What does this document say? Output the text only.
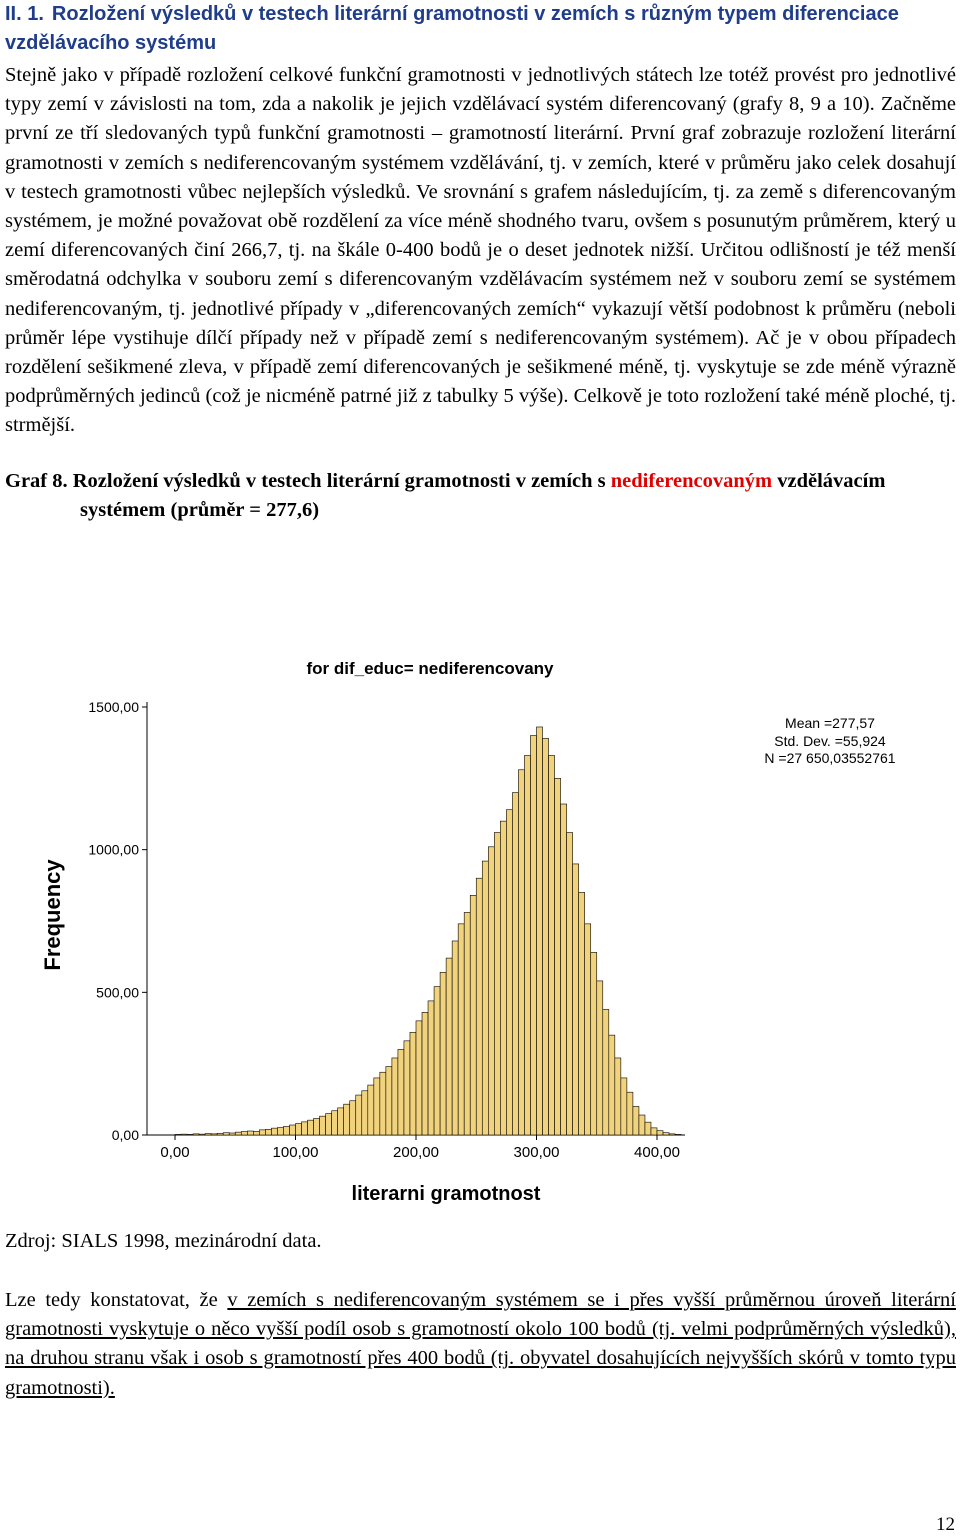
II. 1. Rozložení výsledků v testech literární gramotnosti v zemích s různým typem diferenciace vzdělávacího systému

Stejně jako v případě rozložení celkové funkční gramotnosti v jednotlivých státech lze totéž provést pro jednotlivé typy zemí v závislosti na tom, zda a nakolik je jejich vzdělávací systém diferencovaný (grafy 8, 9 a 10). Začněme první ze tří sledovaných typů funkční gramotnosti – gramotností literární. První graf zobrazuje rozložení literární gramotnosti v zemích s nediferencovaným systémem vzdělávání, tj. v zemích, které v průměru jako celek dosahují v testech gramotnosti vůbec nejlepších výsledků. Ve srovnání s grafem následujícím, tj. za země s diferencovaným systémem, je možné považovat obě rozdělení za více méně shodného tvaru, ovšem s posunutým průměrem, který u zemí diferencovaných činí 266,7, tj. na škále 0-400 bodů je o deset jednotek nižší. Určitou odlišností je též menší směrodatná odchylka v souboru zemí s diferencovaným vzdělávacím systémem než v souboru zemí se systémem nediferencovaným, tj. jednotlivé případy v „diferencovaných zemích“ vykazují větší podobnost k průměru (neboli průměr lépe vystihuje dílčí případy než v případě zemí s nediferencovaným systémem). Ač je v obou případech rozdělení sešikmené zleva, v případě zemí diferencovaných je sešikmené méně, tj. vyskytuje se zde méně výrazně podprůměrných jedinců (což je nicméně patrné již z tabulky 5 výše). Celkově je toto rozložení také méně ploché, tj. strmější.

Graf 8. Rozložení výsledků v testech literární gramotnosti v zemích s nediferencovaným vzdělávacím systémem (průměr = 277,6)
for dif_educ= nediferencovany
Frequency
literarni gramotnost
Mean =277,57
Std. Dev. =55,924
N =27 650,03552761
0,00
500,00
1000,00
1500,00
0,00	100,00	200,00	300,00	400,00
Zdroj: SIALS 1998, mezinárodní data.
Lze tedy konstatovat, že v zemích s nediferencovaným systémem se i přes vyšší průměrnou úroveň literární gramotnosti vyskytuje o něco vyšší podíl osob s gramotností okolo 100 bodů (tj. velmi podprůměrných výsledků), na druhou stranu však i osob s gramotností přes 400 bodů (tj. obyvatel dosahujících nejvyšších skórů v tomto typu gramotnosti).
12
